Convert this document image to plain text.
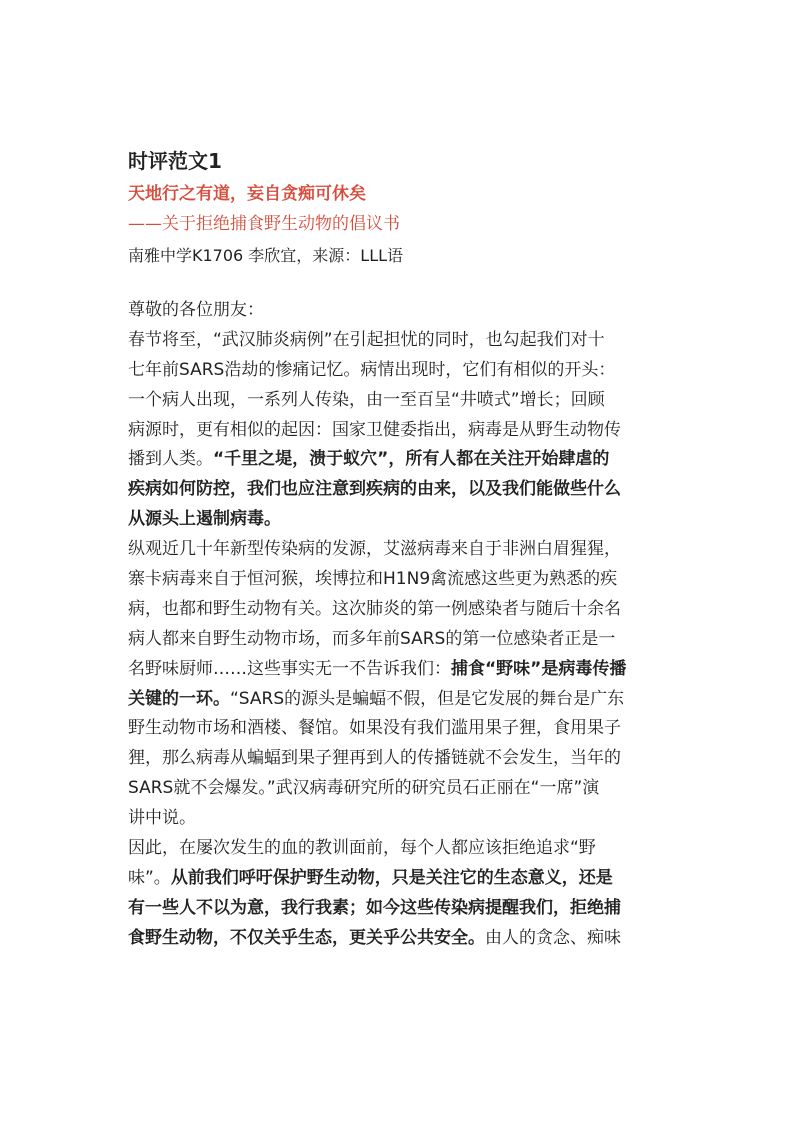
时评范文1
天地行之有道，妄自贪痴可休矣
——关于拒绝捕食野生动物的倡议书
南雅中学K1706 李欣宜，来源：LLL语
尊敬的各位朋友：
春节将至，“武汉肺炎病例”在引起担忧的同时，也勾起我们对十
七年前SARS浩劫的惨痛记忆。病情出现时，它们有相似的开头：
一个病人出现，一系列人传染，由一至百呈“井喷式”增长；回顾
病源时，更有相似的起因：国家卫健委指出，病毒是从野生动物传
播到人类。“千里之堤，溃于蚁穴”，所有人都在关注开始肆虐的
疾病如何防控，我们也应注意到疾病的由来，以及我们能做些什么
从源头上遏制病毒。
纵观近几十年新型传染病的发源，艾滋病毒来自于非洲白眉猩猩，
寨卡病毒来自于恒河猴，埃博拉和H1N9禽流感这些更为熟悉的疾
病，也都和野生动物有关。这次肺炎的第一例感染者与随后十余名
病人都来自野生动物市场，而多年前SARS的第一位感染者正是一
名野味厨师……这些事实无一不告诉我们：捕食“野味”是病毒传播
关键的一环。“SARS的源头是蝙蝠不假，但是它发展的舞台是广东
野生动物市场和酒楼、餐馆。如果没有我们滥用果子狸，食用果子
狸，那么病毒从蝙蝠到果子狸再到人的传播链就不会发生，当年的
SARS就不会爆发。”武汉病毒研究所的研究员石正丽在“一席”演
讲中说。
因此，在屡次发生的血的教训面前，每个人都应该拒绝追求“野
味”。从前我们呼吁保护野生动物，只是关注它的生态意义，还是
有一些人不以为意，我行我素；如今这些传染病提醒我们，拒绝捕
食野生动物，不仅关乎生态，更关乎公共安全。由人的贪念、痴味
